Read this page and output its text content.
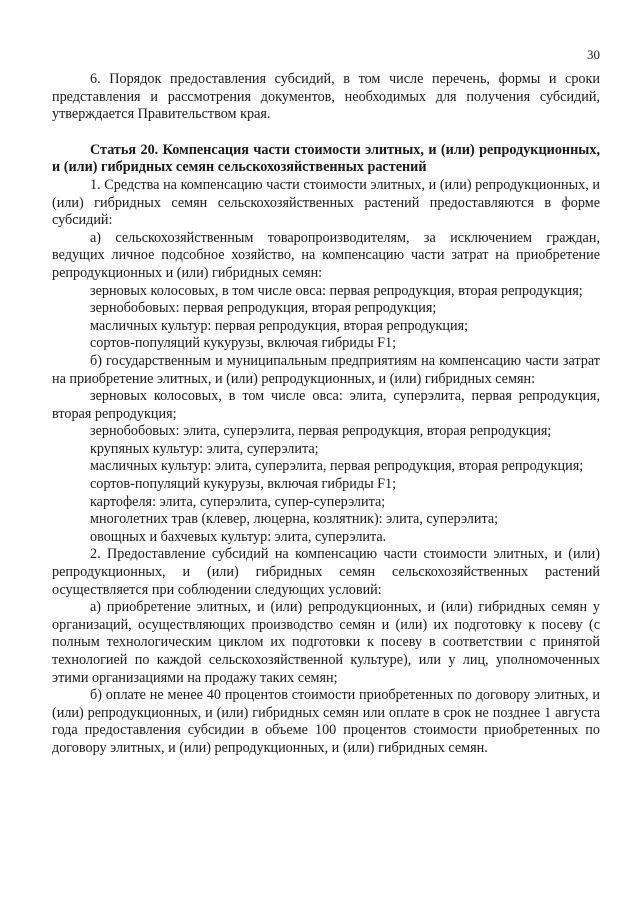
30

6. Порядок предоставления субсидий, в том числе перечень, формы и сроки представления и рассмотрения документов, необходимых для получения субсидий, утверждается Правительством края.

Статья 20. Компенсация части стоимости элитных, и (или) репродукционных, и (или) гибридных семян сельскохозяйственных растений

1. Средства на компенсацию части стоимости элитных, и (или) репродукционных, и (или) гибридных семян сельскохозяйственных растений предоставляются в форме субсидий:

а) сельскохозяйственным товаропроизводителям, за исключением граждан, ведущих личное подсобное хозяйство, на компенсацию части затрат на приобретение репродукционных и (или) гибридных семян:

зерновых колосовых, в том числе овса: первая репродукция, вторая репродукция;

зернобобовых: первая репродукция, вторая репродукция;

масличных культур: первая репродукция, вторая репродукция;

сортов-популяций кукурузы, включая гибриды F1;

б) государственным и муниципальным предприятиям на компенсацию части затрат на приобретение элитных, и (или) репродукционных, и (или) гибридных семян:

зерновых колосовых, в том числе овса: элита, суперэлита, первая репродукция, вторая репродукция;

зернобобовых: элита, суперэлита, первая репродукция, вторая репродукция;

крупяных культур: элита, суперэлита;

масличных культур: элита, суперэлита, первая репродукция, вторая репродукция;

сортов-популяций кукурузы, включая гибриды F1;

картофеля: элита, суперэлита, супер-суперэлита;

многолетних трав (клевер, люцерна, козлятник): элита, суперэлита;

овощных и бахчевых культур: элита, суперэлита.

2. Предоставление субсидий на компенсацию части стоимости элитных, и (или) репродукционных, и (или) гибридных семян сельскохозяйственных растений осуществляется при соблюдении следующих условий:

а) приобретение элитных, и (или) репродукционных, и (или) гибридных семян у организаций, осуществляющих производство семян и (или) их подготовку к посеву (с полным технологическим циклом их подготовки к посеву в соответствии с принятой технологией по каждой сельскохозяйственной культуре), или у лиц, уполномоченных этими организациями на продажу таких семян;

б) оплате не менее 40 процентов стоимости приобретенных по договору элитных, и (или) репродукционных, и (или) гибридных семян или оплате в срок не позднее 1 августа года предоставления субсидии в объеме 100 процентов стоимости приобретенных по договору элитных, и (или) репродукционных, и (или) гибридных семян.
